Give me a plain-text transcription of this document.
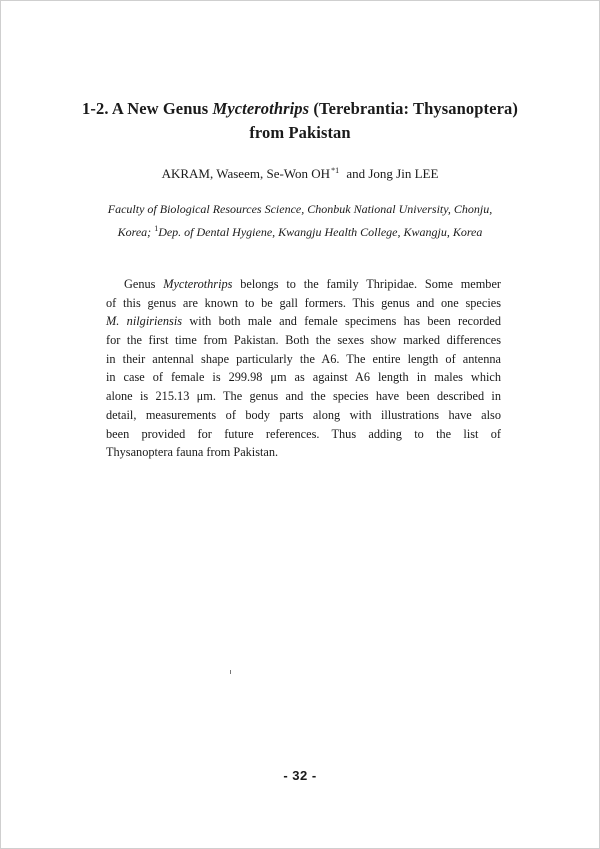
1-2. A New Genus Mycterothrips (Terebrantia: Thysanoptera)
from Pakistan
AKRAM, Waseem, Se-Won OH$^{*1}$ and Jong Jin LEE
Faculty of Biological Resources Science, Chonbuk National University, Chonju,
Korea; $^1$Dep. of Dental Hygiene, Kwangju Health College, Kwangju, Korea
Genus Mycterothrips belongs to the family Thripidae. Some member
of this genus are known to be gall formers. This genus and one species
M. nilgiriensis with both male and female specimens has been recorded
for the first time from Pakistan. Both the sexes show marked differences
in their antennal shape particularly the A6. The entire length of antenna
in case of female is 299.98 μm as against A6 length in males which
alone is 215.13 μm. The genus and the species have been described in
detail, measurements of body parts along with illustrations have also
been provided for future references. Thus adding to the list of
Thysanoptera fauna from Pakistan.
- 32 -
